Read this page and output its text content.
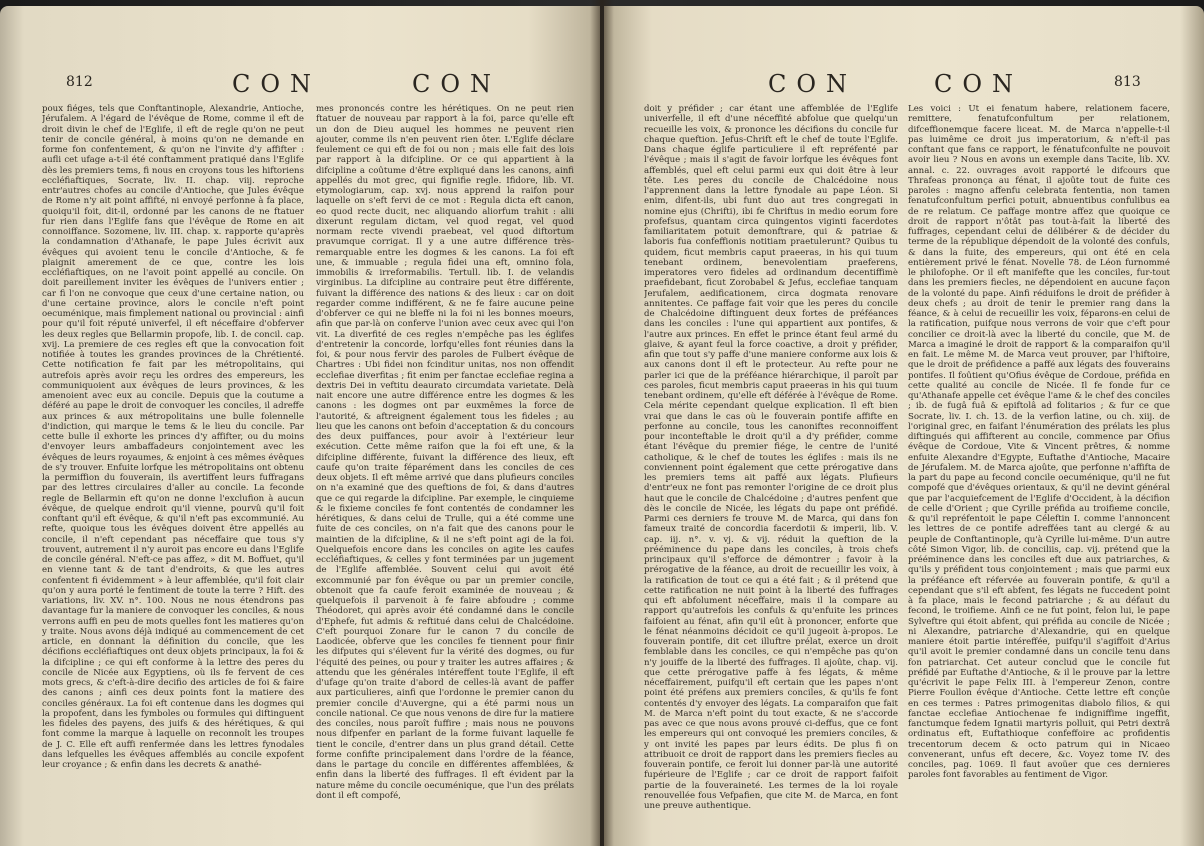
812	CON	CON
poux fiéges, tels que Conftantinople, Alexandrie, Antioche, Jérufalem. A l'égard de l'évêque de Rome, comme il eft de droit divin le chef de l'Eglife, il eft de regle qu'on ne peut tenir de concile général, à moins qu'on ne demande en forme fon confentement, & qu'on ne l'invite d'y affifter : aufli cet ufage a-t-il été conftamment pratiqué dans l'Eglife dès les premiers tems, fi nous en croyons tous les hiftoriens eccléfiaftiques, Socrate, liv. II. chap. viij. reproche entr'autres chofes au concile d'Antioche, que Jules évêque de Rome n'y ait point affifté, ni envoyé perfonne à fa place, quoiqu'il foit, dit-il, ordonné par les canons de ne ftatuer fur rien dans l'Eglife fans que l'évêque de Rome en ait connoiffance. Sozomene, liv. III. chap. x. rapporte qu'après la condamnation d'Athanafe, le pape Jules écrivit aux évêques qui avoient tenu le concile d'Antioche, & fe plaignit amerement de ce que, contre les lois eccléfiaftiques, on ne l'avoit point appellé au concile. On doit pareillement inviter les évêques de l'univers entier ; car fi l'on ne convoque que ceux d'une certaine nation, ou d'une certaine province, alors le concile n'eft point oecuménique, mais fimplement national ou provincial : ainfi pour qu'il foit réputé univerfel, il eft néceffaire d'obferver les deux regles que Bellarmin propofe, lib. I. de concil. cap. xvij. La premiere de ces regles eft que la convocation foit notifiée à toutes les grandes provinces de la Chrétienté. Cette notification fe fait par les métropolitains, qui autrefois après avoir reçu les ordres des empereurs, les communiquoient aux évêques de leurs provinces, & les amenoient avec eux au concile. Depuis que la coutume a déféré au pape le droit de convoquer les conciles, il adreffe aux princes & aux métropolitains une bulle folennelle d'indiction, qui marque le tems & le lieu du concile. Par cette bulle il exhorte les princes d'y affifter, ou du moins d'envoyer leurs ambaffadeurs conjointement avec les évêques de leurs royaumes, & enjoint à ces mêmes évêques de s'y trouver. Enfuite lorfque les métropolitains ont obtenu la permiffion du fouverain, ils avertiffent leurs fuffragans par des lettres circulaires d'aller au concile. La feconde regle de Bellarmin eft qu'on ne donne l'exclufion à aucun évêque, de quelque endroit qu'il vienne, pourvû qu'il foit conftant qu'il eft évêque, & qu'il n'eft pas excommunié. Au refte, quoique tous les évêques doivent être appellés au concile, il n'eft cependant pas néceffaire que tous s'y trouvent, autrement il n'y auroit pas encore eu dans l'Eglife de concile général. N'eft-ce pas affez, » dit M. Boffuet, qu'il en vienne tant & de tant d'endroits, & que les autres confentent fi évidemment » à leur affemblée, qu'il foit clair qu'on y aura porté le fentiment de toute la terre ? Hift. des variations, liv. XV. n°. 100. Nous ne nous étendrons pas davantage fur la maniere de convoquer les conciles, & nous verrons auffi en peu de mots quelles font les matieres qu'on y traite. Nous avons déjà indiqué au commencement de cet article, en donnant la définition du concile, que les décifions eccléfiaftiques ont deux objets principaux, la foi & la difcipline ; ce qui eft conforme à la lettre des peres du concile de Nicée aux Egyptiens, où ils fe fervent de ces mots grecs, & c'eft-à-dire decifio des articles de foi & faire des canons ; ainfi ces deux points font la matiere des conciles généraux. La foi eft contenue dans les dogmes qui la propofent, dans les fymboles ou formules qui diftinguent les fideles des payens, des juifs & des hérétiques, & qui font comme la marque à laquelle on reconnoît les troupes de J. C. Elle eft auffi renfermée dans les lettres fynodales dans lefquelles les évêques affemblés au concile expofent leur croyance ; & enfin dans les decrets & anathé-
mes prononcés contre les hérétiques. On ne peut rien ftatuer de nouveau par rapport à la foi, parce qu'elle eft un don de Dieu auquel les hommes ne peuvent rien ajouter, comme ils n'en peuvent rien ôter. L'Eglife déclare feulement ce qui eft de foi ou non ; mais elle fait des lois par rapport à la difcipline. Or ce qui appartient à la difcipline a coûtume d'être expliqué dans les canons, ainfi appellés du mot grec, qui fignifie regle. Ifidore, lib. VI. etymologiarum, cap. xvj. nous apprend la raifon pour laquelle on s'eft fervi de ce mot : Regula dicta eft canon, eo quod recte ducit, nec aliquando aliorfum trahit : alii dixerunt regulam dictam, vel quod regat, vel quod normam recte vivendi praebeat, vel quod diftortum pravumque corrigat. Il y a une autre différence très-remarquable entre les dogmes & les canons. La foi eft une, & immuable ; regula fidei una eft, omnino fola, immobilis & irreformabilis. Tertull. lib. I. de velandis virginibus. La difcipline au contraire peut être différente, fuivant la différence des nations & des lieux : car on doit regarder comme indifférent, & ne fe faire aucune peine d'obferver ce qui ne bleffe ni la foi ni les bonnes moeurs, afin que par-là on conferve l'union avec ceux avec qui l'on vit. La diverfité de ces regles n'empêche pas les églifes d'entretenir la concorde, lorfqu'elles font réunies dans la foi, & pour nous fervir des paroles de Fulbert évêque de Chartres : Ubi fidei non fcinditur unitas, nos non offendit ecclefiae diverfitas ; fit enim per fanctae ecclefiae regina a dextris Dei in veftitu deaurato circumdata varietate. Delà nait encore une autre différence entre les dogmes & les canons : les dogmes ont par euxmêmes la force de l'autorité, & aftreignent également tous les fideles ; au lieu que les canons ont befoin d'acceptation & du concours des deux puiffances, pour avoir à l'extérieur leur exécution. Cette même raifon que la foi eft une, & la difcipline différente, fuivant la différence des lieux, eft caufe qu'on traite féparément dans les conciles de ces deux objets. Il eft même arrivé que dans plufieurs conciles on n'a examiné que des queftions de foi, & dans d'autres que ce qui regarde la difcipline. Par exemple, le cinquieme & le fixieme conciles fe font contentés de condamner les hérétiques, & dans celui de Trulle, qui a été comme une fuite de ces conciles, on n'a fait que des canons pour le maintien de la difcipline, & il ne s'eft point agi de la foi. Quelquefois encore dans les conciles on agite les caufes eccléfiaftiques, & celles y font terminées par un jugement de l'Eglife affemblée. Souvent celui qui avoit été excommunié par fon évêque ou par un premier concile, obtenoit que fa caufe feroit examinée de nouveau ; & quelquefois il parvenoit à fe faire abfoudre ; comme Théodoret, qui après avoir été condamné dans le concile d'Ephefe, fut admis & reftitué dans celui de Chalcédoine. C'eft pourquoi Zonare fur le canon 7 du concile de Laodicée, obferve que les conciles fe tiennent pour finir les difputes qui s'élevent fur la vérité des dogmes, ou fur l'équité des peines, ou pour y traiter les autres affaires ; & attendu que les générales intéreffent toute l'Eglife, il eft d'ufage qu'on traite d'abord de celles-là avant de paffer aux particulieres, ainfi que l'ordonne le premier canon du premier concile d'Auvergne, qui a été parmi nous un concile national. Ce que nous venons de dire fur la matiere des conciles, nous paroît fuffire ; mais nous ne pouvons nous difpenfer en parlant de la forme fuivant laquelle fe tient le concile, d'entrer dans un plus grand détail. Cette forme confifte principalement dans l'ordre de la féance, dans le partage du concile en différentes affemblées, & enfin dans la liberté des fuffrages. Il eft évident par la nature même du concile oecuménique, que l'un des prélats dont il eft compofé,
CON	CON	813
doit y préfider ; car étant une affemblée de l'Eglife univerfelle, il eft d'une néceffité abfolue que quelqu'un recueille les voix, & prononce les décifions du concile fur chaque queftion. Jefus-Chrift eft le chef de toute l'Eglife. Dans chaque églife particuliere il eft repréfenté par l'évêque ; mais il s'agit de favoir lorfque les évêques font affemblés, quel eft celui parmi eux qui doit être à leur tête. Les peres du concile de Chalcédoine nous l'apprennent dans la lettre fynodale au pape Léon. Si enim, difent-ils, ubi funt duo aut tres congregati in nomine ejus (Chrifti), ibi fe Chriftus in medio eorum fore profefsus, quantam circa quingentos viginti facerdotes familiaritatem potuit demonftrare, qui & patriae & laboris fua confeffionis notitiam praetulerunt? Quibus tu quidem, ficut membris caput praeeras, in his qui tuum tenebant ordinem, benevolentiam praeferens, imperatores vero fideles ad ordinandum decentiffimè praefidebant, ficut Zorobabel & Jefus, ecclefiae tanquam Jerufalem, aedificationem, circa dogmata renovare annitentes. Ce paffage fait voir que les peres du concile de Chalcédoine diftinguent deux fortes de préféances dans les conciles : l'une qui appartient aux pontifes, & l'autre aux princes. En effet le prince étant feul armé du glaive, & ayant feul la force coactive, a droit y préfider, afin que tout s'y paffe d'une maniere conforme aux lois & aux canons dont il eft le protecteur. Au refte pour ne parler ici que de la préféance hiérarchique, il paroît par ces paroles, ficut membris caput praeeras in his qui tuum tenebant ordinem, qu'elle eft déférée à l'évêque de Rome. Cela mérite cependant quelque explication. Il eft bien vrai que dans le cas où le fouverain pontife affifte en perfonne au concile, tous les canoniftes reconnoiffent pour inconteftable le droit qu'il a d'y préfider, comme étant l'évêque du premier fiége, le centre de l'unité catholique, & le chef de toutes les églifes : mais ils ne conviennent point également que cette prérogative dans les premiers tems ait paffé aux légats. Plufieurs d'entr'eux ne font pas remonter l'origine de ce droit plus haut que le concile de Chalcédoine ; d'autres penfent que dès le concile de Nicée, les légats du pape ont préfidé. Parmi ces derniers fe trouve M. de Marca, qui dans fon fameux traité de concordia facerdotii & imperii, lib. V. cap. iij. n°. v. vj. & vij. réduit la queftion de la prééminence du pape dans les conciles, à trois chefs principaux qu'il s'efforce de démontrer ; favoir à la prérogative de la féance, au droit de recueillir les voix, à la ratification de tout ce qui a été fait ; & il prétend que cette ratification ne nuit point à la liberté des fuffrages qui eft abfolument néceffaire, mais il la compare au rapport qu'autrefois les confuls & qu'enfuite les princes faifoient au fénat, afin qu'il eût à prononcer, enforte que le fénat néanmoins décidoit ce qu'il jugeoit à-propos. Le fouverain pontife, dit cet illuftre prélat, exerce un droit femblable dans les conciles, ce qui n'empêche pas qu'on n'y jouiffe de la liberté des fuffrages. Il ajoûte, chap. vij. que cette prérogative paffe à fes légats, & même néceffairement, puifqu'il eft certain que les papes n'ont point été préfens aux premiers conciles, & qu'ils fe font contentés d'y envoyer des légats. La comparaifon que fait M. de Marca n'eft point du tout exacte, & ne s'accorde pas avec ce que nous avons prouvé ci-deffus, que ce font les empereurs qui ont convoqué les premiers conciles, & y ont invité les papes par leurs édits. De plus fi on attribuoit ce droit de rapport dans les premiers fiecles au fouverain pontife, ce feroit lui donner par-là une autorité fupérieure de l'Eglife ; car ce droit de rapport faifoit partie de la fouveraineté. Les termes de la loi royale renouvellée fous Vefpafien, que cite M. de Marca, en font une preuve authentique.
Les voici : Ut ei fenatum habere, relationem facere, remittere, fenatufconfultum per relationem, difceffionemque facere liceat. M. de Marca n'appelle-t-il pas luimême ce droit jus imperatorium, & n'eft-il pas conftant que fans ce rapport, le fénatufconfulte ne pouvoit avoir lieu ? Nous en avons un exemple dans Tacite, lib. XV. annal. c. 22. ouvrages avoit rapporté le difcours que Thrafeas prononça au fénat, il ajoûte tout de fuite ces paroles : magno affenfu celebrata fententia, non tamen fenatufconfultum perfici potuit, abnuentibus confulibus ea de re relatum. Ce paffage montre affez que quoique ce droit de rapport n'ôtât pas tout-à-fait la liberté des fuffrages, cependant celui de délibérer & de décider du terme de la république dépendoit de la volonté des confuls, & dans la fuite, des empereurs, qui ont été en cela entièrement privé le fénat. Novelle 78. de Léon furnommé le philofophe. Or il eft manifefte que les conciles, fur-tout dans les premiers fiecles, ne dépendoient en aucune façon de la volonté du pape. Ainfi réduifons le droit de préfider à deux chefs ; au droit de tenir le premier rang dans la féance, & à celui de recueillir les voix, féparons-en celui de la ratification, puifque nous verrons de voir que c'eft pour concilier ce droit-là avec la liberté du concile, que M. de Marca a imaginé le droit de rapport & la comparaifon qu'il en fait. Le même M. de Marca veut prouver, par l'hiftoire, que le droit de préfidence a paffé aux légats des fouverains pontifes. Il foûtient qu'Ofius évêque de Cordoue, préfida en cette qualité au concile de Nicée. Il fe fonde fur ce qu'Athanafe appelle cet évêque l'ame & le chef des conciles ; ib. de fugâ fuâ & epiftolâ ad folitarios ; & fur ce que Socrate, liv. I. ch. 13. de la verfion latine, ou ch. xiij. de l'original grec, en faifant l'énumération des prélats les plus diftingués qui affifterent au concile, commence par Ofius évêque de Cordoue, Vite & Vincent prêtres, & nomme enfuite Alexandre d'Egypte, Euftathe d'Antioche, Macaire de Jérufalem. M. de Marca ajoûte, que perfonne n'affifta de la part du pape au fecond concile oecuménique, qu'il ne fut compofé que d'évêques orientaux, & qu'il ne devint général que par l'acquiefcement de l'Eglife d'Occident, à la décifion de celle d'Orient ; que Cyrille préfida au troifieme concile, & qu'il repréfentoit le pape Céleftin I. comme l'annoncent les lettres de ce pontife adreffées tant au clergé & au peuple de Conftantinople, qu'à Cyrille lui-même. D'un autre côté Simon Vigor, lib. de conciliis, cap. vij. prétend que la prééminence dans les conciles eft due aux patriarches, & qu'ils y préfident tous conjointement ; mais que parmi eux la préféance eft réfervée au fouverain pontife, & qu'il a cependant que s'il eft abfent, fes légats ne fuccedent point à fa place, mais le fecond patriarche ; & au défaut du fecond, le troifieme. Ainfi ce ne fut point, felon lui, le pape Sylveftre qui étoit abfent, qui préfida au concile de Nicée ; ni Alexandre, patriarche d'Alexandrie, qui en quelque maniere étoit partie intéreffée, puifqu'il s'agiffoit d'Arius qu'il avoit le premier condamné dans un concile tenu dans fon patriarchat. Cet auteur conclud que le concile fut préfidé par Euftathe d'Antioche, & il le prouve par la lettre qu'écrivit le pape Felix III. à l'empereur Zenon, contre Pierre Foullon évêque d'Antioche. Cette lettre eft conçûe en ces termes : Patres primogenitas diabolo filios, & qui fanctae ecclefiae Antiochenae fe indigniffime ingeffit, fanctumque fedem Ignatii martyris polluit, qui Petri dextrâ ordinatus eft, Euftathioque confeffoire ac profidentis trecentorum decem & octo patrum qui in Nicaeo convenerant, unfus eft decere, &c. Voyez tome IV. des conciles, pag. 1069. Il faut avoüer que ces dernieres paroles font favorables au fentiment de Vigor.
